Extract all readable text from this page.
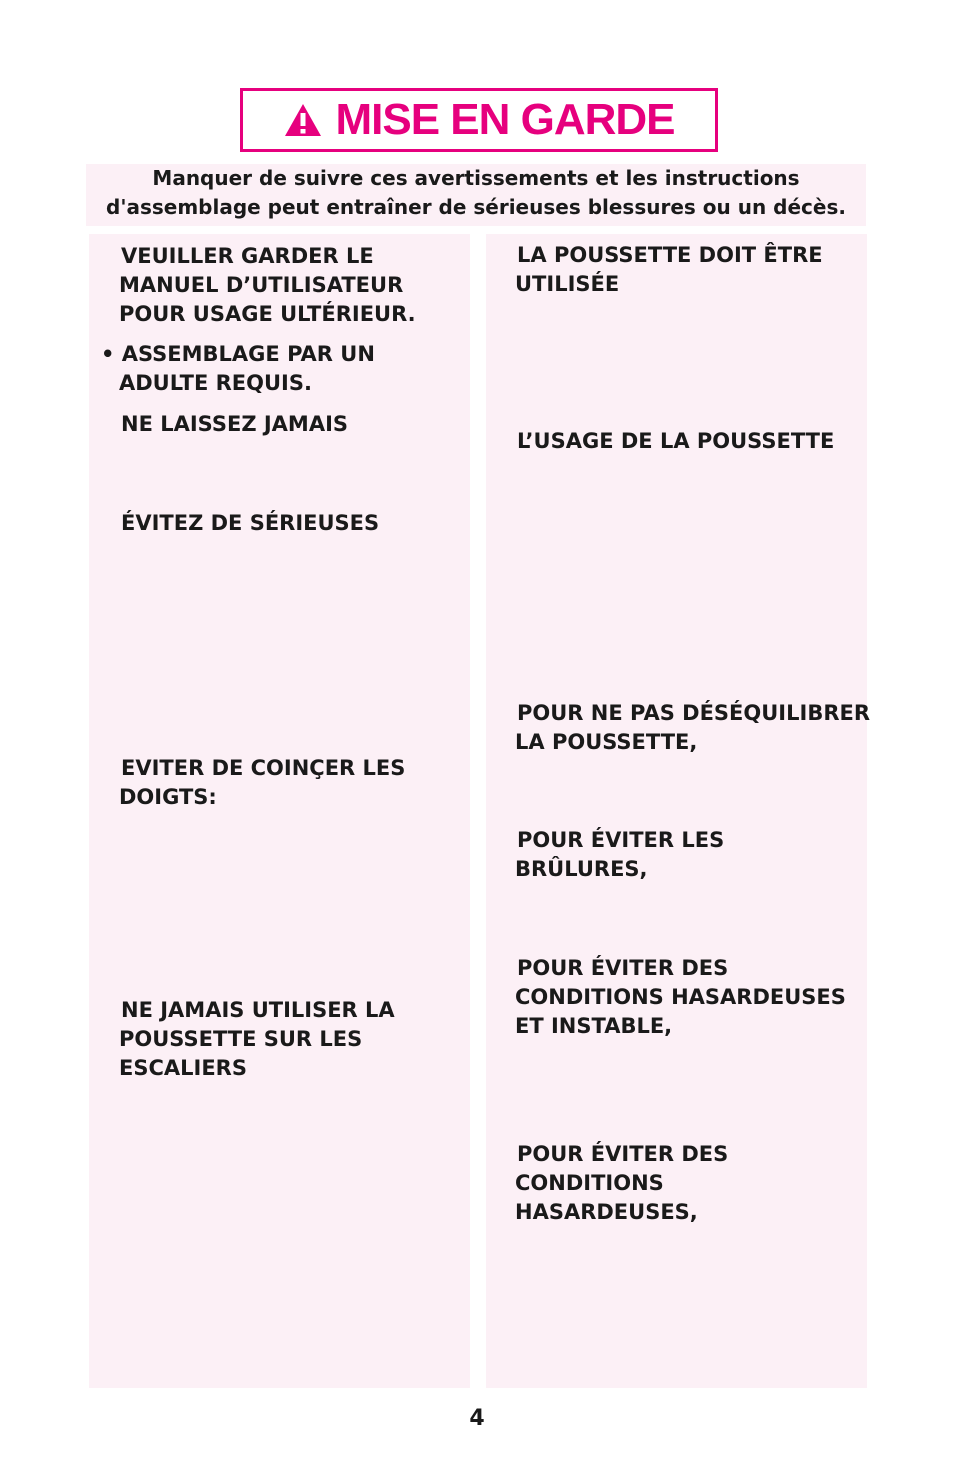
MISE EN GARDE
Manquer de suivre ces avertissements et les instructions
d'assemblage peut entraîner de sérieuses blessures ou un décès.
VEUILLER GARDER LE
MANUEL D’UTILISATEUR
POUR USAGE ULTÉRIEUR.
• ASSEMBLAGE PAR UN
ADULTE REQUIS.
NE LAISSEZ JAMAIS
ÉVITEZ DE SÉRIEUSES
EVITER DE COINÇER LES
DOIGTS:
NE JAMAIS UTILISER LA
POUSSETTE SUR LES
ESCALIERS
LA POUSSETTE DOIT ÊTRE
UTILISÉE
L’USAGE DE LA POUSSETTE
POUR NE PAS DÉSÉQUILIBRER
LA POUSSETTE,
POUR ÉVITER LES
BRÛLURES,
POUR ÉVITER DES
CONDITIONS HASARDEUSES
ET INSTABLE,
POUR ÉVITER DES
CONDITIONS
HASARDEUSES,
4
